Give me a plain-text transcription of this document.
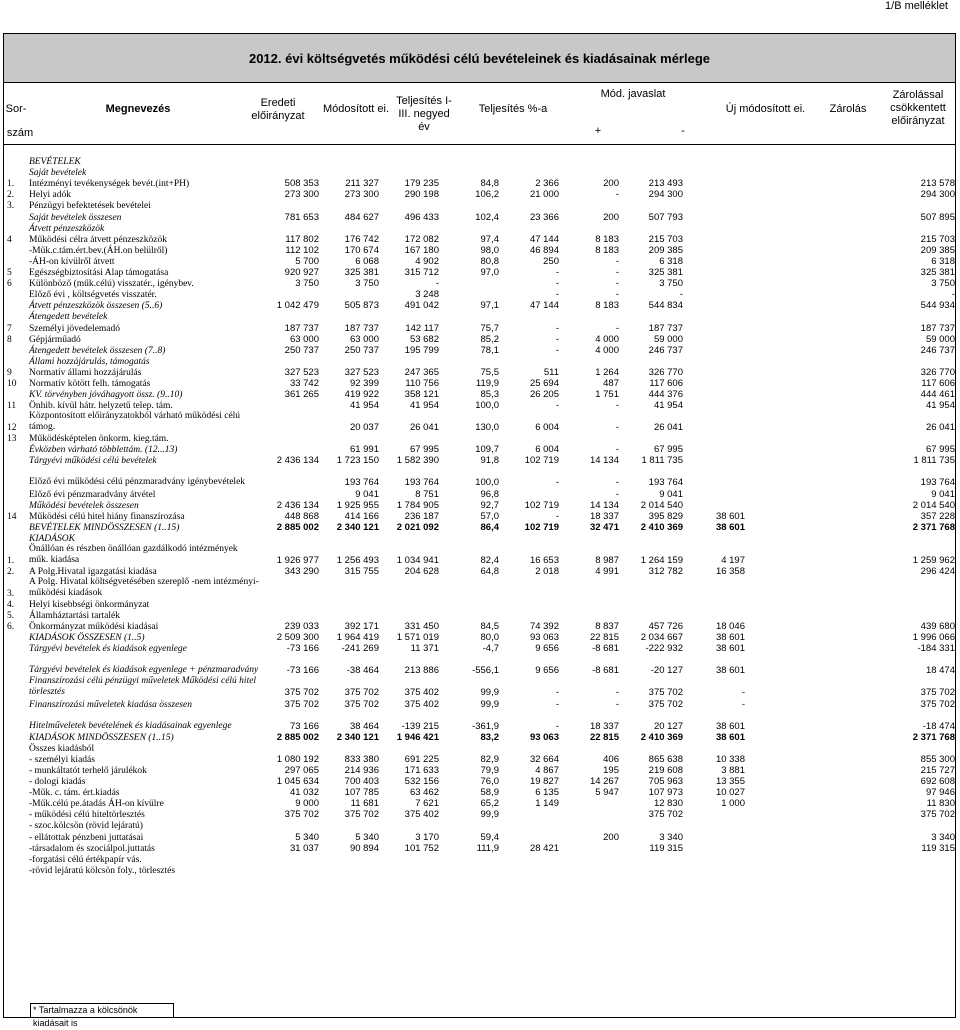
1/B melléklet
2012. évi költségvetés működési célú bevételeinek és kiadásainak mérlege
Sor-
szám
Megnevezés	Eredeti előirányzat
Módosított ei.
Teljesítés I-III. negyed év
Teljesítés %-a
Mód. javaslat
+	-
Új módosított ei.	Zárolás
Zárolással csökkentett előirányzat
	BEVÉTELEK									
	Saját bevételek									
1.	Intézményi tevékenységek bevét.(int+PH)	508 353	211 327	179 235	84,8	2 366	200	213 493		213 578
2.	Helyi adók	273 300	273 300	290 198	106,2	21 000	-	294 300		294 300
3.	Pénzügyi befektetések bevételei									
	Saját bevételek összesen	781 653	484 627	496 433	102,4	23 366	200	507 793		507 895
	Átvett pénzeszközök									
4	Működési célra átvett pénzeszközök	117 802	176 742	172 082	97,4	47 144	8 183	215 703		215 703
	-Műk.c.tám.ért.bev.(ÁH.on belülről)	112 102	170 674	167 180	98,0	46 894	8 183	209 385		209 385
	-ÁH-on kívülről átvett	5 700	6 068	4 902	80,8	250	-	6 318		6 318
5	Egészségbiztosítási Alap támogatása	920 927	325 381	315 712	97,0	-	-	325 381		325 381
6	Különböző (műk.célú) visszatér., igénybev.	3 750	3 750	-		-	-	3 750		3 750
	Előző évi , költségvetés visszatér.			3 248		-	-	-		-
	Átvett pénzeszközök összesen (5..6)	1 042 479	505 873	491 042	97,1	47 144	8 183	544 834		544 934
	Átengedett bevételek									
7	Személyi jövedelemadó	187 737	187 737	142 117	75,7	-	-	187 737		187 737
8	Gépjárműadó	63 000	63 000	53 682	85,2	-	4 000	59 000		59 000
	Átengedett bevételek összesen (7..8)	250 737	250 737	195 799	78,1	-	4 000	246 737		246 737
	Állami hozzájárulás, támogatás									
9	Normatív állami hozzájárulás	327 523	327 523	247 365	75,5	511	1 264	326 770		326 770
10	Normatív kötött felh. támogatás	33 742	92 399	110 756	119,9	25 694	487	117 606		117 606
	KV. törvényben jóváhagyott össz. (9..10)	361 265	419 922	358 121	85,3	26 205	1 751	444 376		444 461
11	Önhib. kívül hátr. helyzetű telep. tám.		41 954	41 954	100,0	-	-	41 954		41 954
12	Központosított előirányzatokból várható működési célú támog.		20 037	26 041	130,0	6 004	-	26 041		26 041
13	Működésképtelen önkorm. kieg.tám.									
	Évközben várható többlettám. (12...13)		61 991	67 995	109,7	6 004	-	67 995		67 995
	Tárgyévi működési célú bevételek	2 436 134	1 723 150	1 582 390	91,8	102 719	14 134	1 811 735		1 811 735
	Előző évi működési célú pénzmaradvány igénybevételek		193 764	193 764	100,0	-	-	193 764		193 764
	Előző évi pénzmaradvány átvétel		9 041	8 751	96,8		-	9 041		9 041
	Működési bevételek összesen	2 436 134	1 925 955	1 784 905	92,7	102 719	14 134	2 014 540		2 014 540
14	Működési célú hitel hiány finanszírozása	448 868	414 166	236 187	57,0	-	18 337	395 829	38 601	357 228
	BEVÉTELEK MINDÖSSZESEN (1..15)	2 885 002	2 340 121	2 021 092	86,4	102 719	32 471	2 410 369	38 601	2 371 768
	KIADÁSOK									
1.	Önállóan és részben önállóan gazdálkodó intézmények műk. kiadása	1 926 977	1 256 493	1 034 941	82,4	16 653	8 987	1 264 159	4 197	1 259 962
2.	A Polg.Hivatal igazgatási kiadása	343 290	315 755	204 628	64,8	2 018	4 991	312 782	16 358	296 424
3.	A Polg. Hivatal költségvetésében szereplő -nem intézményi- működési kiadások									
4.	Helyi kisebbségi önkormányzat									
5.	Államháztartási tartalék									
6.	Önkormányzat működési kiadásai	239 033	392 171	331 450	84,5	74 392	8 837	457 726	18 046	439 680
	KIADÁSOK ÖSSZESEN (1..5)	2 509 300	1 964 419	1 571 019	80,0	93 063	22 815	2 034 667	38 601	1 996 066
	Tárgyévi bevételek és kiadások egyenlege	-73 166	-241 269	11 371	-4,7	9 656	-8 681	-222 932	38 601	-184 331
	Tárgyévi bevételek és kiadások egyenlege + pénzmaradvány	-73 166	-38 464	213 886	-556,1	9 656	-8 681	-20 127	38 601	18 474
	Finanszírozási célú pénzügyi műveletek Működési célú hitel törlesztés	375 702	375 702	375 402	99,9	-	-	375 702	-	375 702
	Finanszírozási műveletek kiadása összesen	375 702	375 702	375 402	99,9	-	-	375 702	-	375 702
	Hitelműveletek bevételének és kiadásainak egyenlege	73 166	38 464	-139 215	-361,9	-	18 337	20 127	38 601	-18 474
	KIADÁSOK MINDÖSSZESEN (1..15)	2 885 002	2 340 121	1 946 421	83,2	93 063	22 815	2 410 369	38 601	2 371 768
	Összes kiadásból									
	- személyi kiadás	1 080 192	833 380	691 225	82,9	32 664	406	865 638	10 338	855 300
	- munkáltatót terhelő járulékok	297 065	214 936	171 633	79,9	4 867	195	219 608	3 881	215 727
	- dologi kiadás	1 045 634	700 403	532 156	76,0	19 827	14 267	705 963	13 355	692 608
	-Műk. c. tám. ért.kiadás	41 032	107 785	63 462	58,9	6 135	5 947	107 973	10 027	97 946
	-Műk.célú pe.átadás ÁH-on kívülre	9 000	11 681	7 621	65,2	1 149		12 830	1 000	11 830
	- működési célú hiteltörlesztés	375 702	375 702	375 402	99,9			375 702		375 702
	- szoc.kölcsön (rövid lejáratú)									
	- ellátottak pénzbeni juttatásai	5 340	5 340	3 170	59,4		200	3 340		3 340
	-társadalom és szociálpol.juttatás	31 037	90 894	101 752	111,9	28 421		119 315		119 315
	-forgatási célú értékpapír vás.									
	-rövid lejáratú kölcsön foly., törlesztés									
* Tartalmazza a kölcsönök kiadásait is
